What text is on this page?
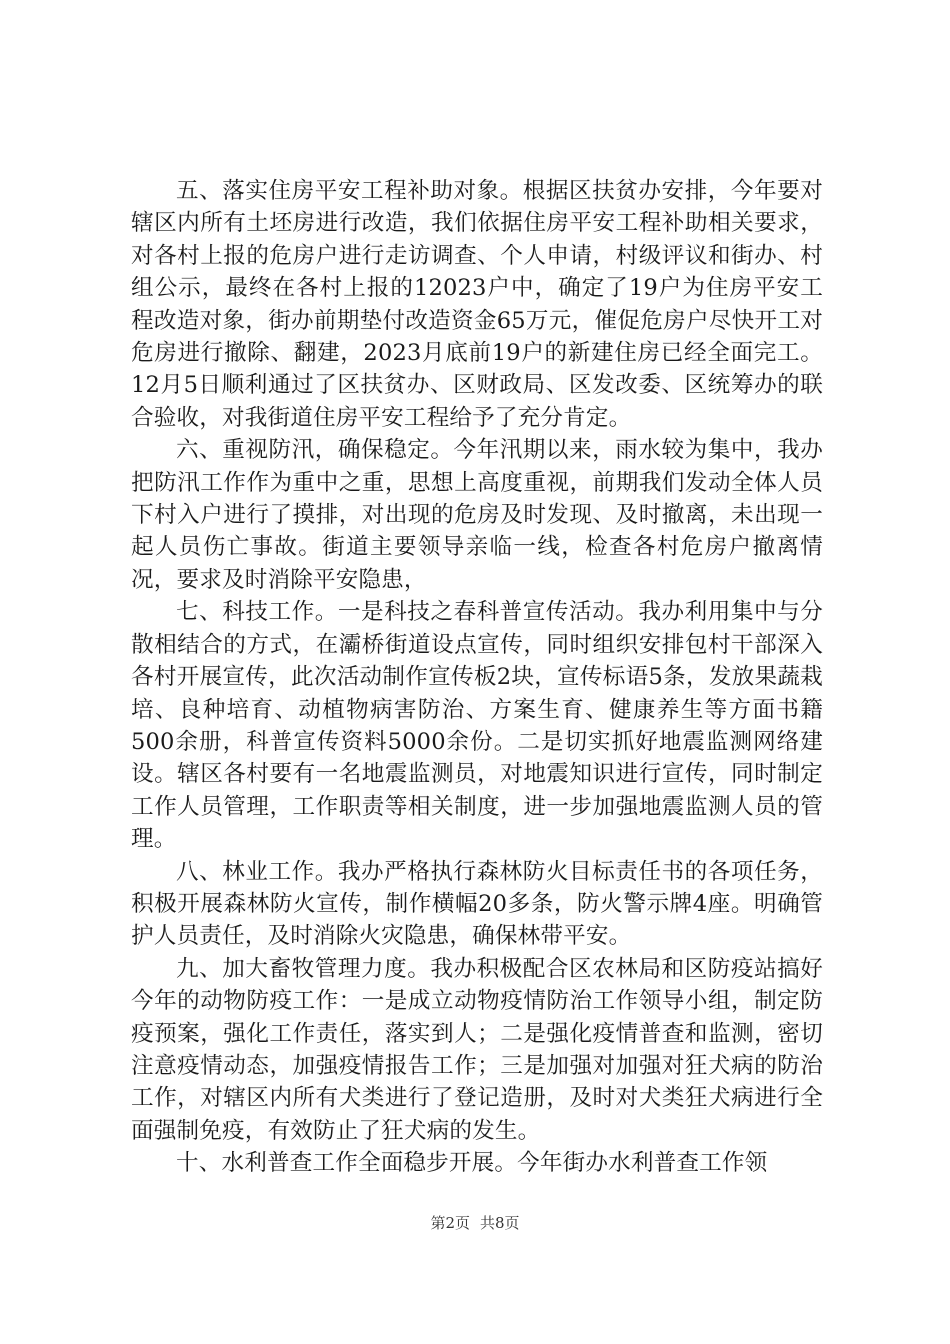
五、落实住房平安工程补助对象。根据区扶贫办安排，今年要对辖区内所有土坯房进行改造，我们依据住房平安工程补助相关要求，对各村上报的危房户进行走访调查、个人申请，村级评议和街办、村组公示，最终在各村上报的12023户中，确定了19户为住房平安工程改造对象，街办前期垫付改造资金65万元，催促危房户尽快开工对危房进行撤除、翻建，2023月底前19户的新建住房已经全面完工。12月5日顺利通过了区扶贫办、区财政局、区发改委、区统筹办的联合验收，对我街道住房平安工程给予了充分肯定。

六、重视防汛，确保稳定。今年汛期以来，雨水较为集中，我办把防汛工作作为重中之重，思想上高度重视，前期我们发动全体人员下村入户进行了摸排，对出现的危房及时发现、及时撤离，未出现一起人员伤亡事故。街道主要领导亲临一线，检查各村危房户撤离情况，要求及时消除平安隐患，

七、科技工作。一是科技之春科普宣传活动。我办利用集中与分散相结合的方式，在灞桥街道设点宣传，同时组织安排包村干部深入各村开展宣传，此次活动制作宣传板2块，宣传标语5条，发放果蔬栽培、良种培育、动植物病害防治、方案生育、健康养生等方面书籍500余册，科普宣传资料5000余份。二是切实抓好地震监测网络建设。辖区各村要有一名地震监测员，对地震知识进行宣传，同时制定工作人员管理，工作职责等相关制度，进一步加强地震监测人员的管理。

八、林业工作。我办严格执行森林防火目标责任书的各项任务，积极开展森林防火宣传，制作横幅20多条，防火警示牌4座。明确管护人员责任，及时消除火灾隐患，确保林带平安。

九、加大畜牧管理力度。我办积极配合区农林局和区防疫站搞好今年的动物防疫工作：一是成立动物疫情防治工作领导小组，制定防疫预案，强化工作责任，落实到人；二是强化疫情普查和监测，密切注意疫情动态，加强疫情报告工作；三是加强对加强对狂犬病的防治工作，对辖区内所有犬类进行了登记造册，及时对犬类狂犬病进行全面强制免疫，有效防止了狂犬病的发生。

十、水利普查工作全面稳步开展。今年街办水利普查工作领

第2页 共8页
